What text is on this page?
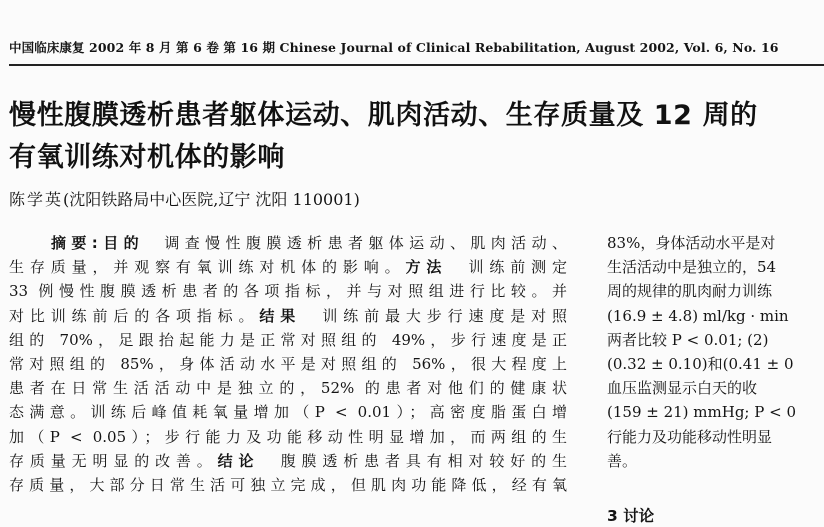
中国临床康复 2002 年 8 月 第 6 卷 第 16 期 Chinese Journal of Clinical Rebabilitation, August 2002, Vol. 6, No. 16
慢性腹膜透析患者躯体运动、肌肉活动、生存质量及 12 周的
有氧训练对机体的影响
陈学英(沈阳铁路局中心医院,辽宁 沈阳 110001)
摘要:目的 调查慢性腹膜透析患者躯体运动、肌肉活动、
生存质量，并观察有氧训练对机体的影响。方法 训练前测定
33 例慢性腹膜透析患者的各项指标，并与对照组进行比较。并
对比训练前后的各项指标。结果 训练前最大步行速度是对照
组的 70%，足跟抬起能力是正常对照组的 49%，步行速度是正
常对照组的 85%，身体活动水平是对照组的 56%，很大程度上
患者在日常生活活动中是独立的，52% 的患者对他们的健康状
态满意。训练后峰值耗氧量增加（P < 0.01）；高密度脂蛋白增
加（P < 0.05）；步行能力及功能移动性明显增加，而两组的生
存质量无明显的改善。结论 腹膜透析患者具有相对较好的生
存质量，大部分日常生活可独立完成，但肌肉功能降低，经有氧
83%，身体活动水平是对
生活活动中是独立的，54
周的规律的肌肉耐力训练
(16.9 ± 4.8) ml/kg · min
两者比较 P < 0.01; (2)
(0.32 ± 0.10)和(0.41 ± 0
血压监测显示白天的收
(159 ± 21) mmHg; P < 0
行能力及功能移动性明显
善。
3 讨论
